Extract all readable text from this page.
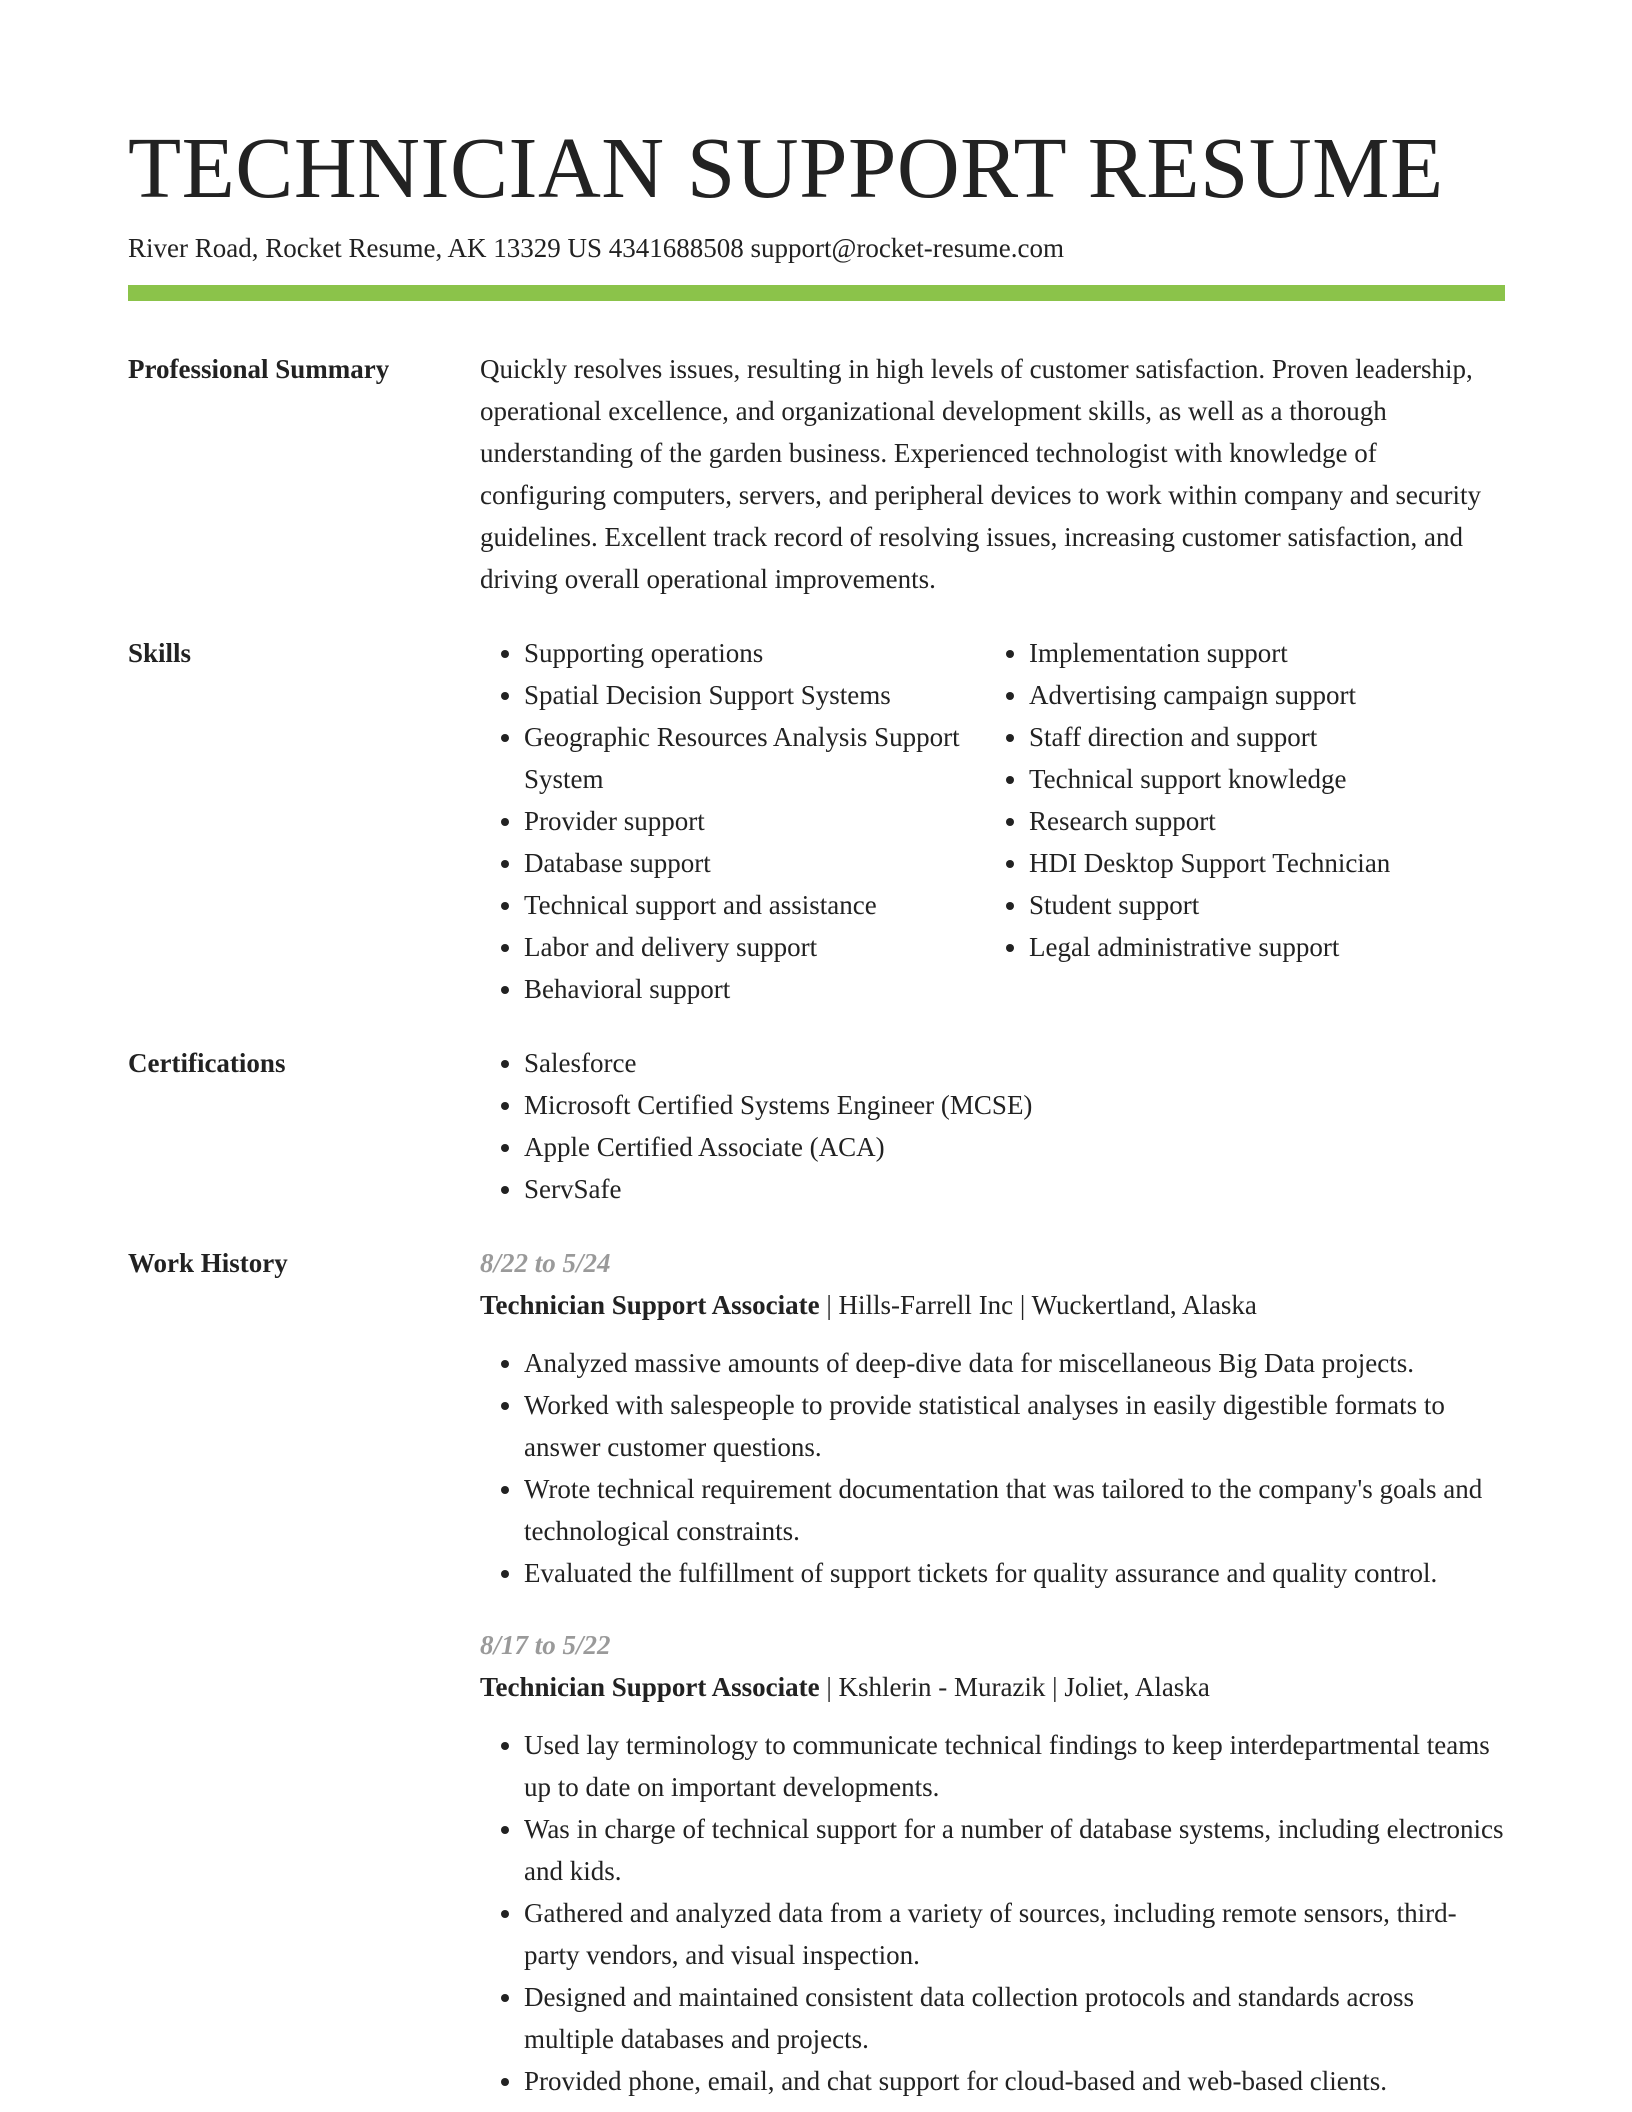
TECHNICIAN SUPPORT RESUME
River Road, Rocket Resume, AK 13329 US 4341688508 support@rocket-resume.com
Professional Summary	Quickly resolves issues, resulting in high levels of customer satisfaction. Proven leadership, operational excellence, and organizational development skills, as well as a thorough understanding of the garden business. Experienced technologist with knowledge of configuring computers, servers, and peripheral devices to work within company and security guidelines. Excellent track record of resolving issues, increasing customer satisfaction, and driving overall operational improvements.

Skills	• Supporting operations
• Spatial Decision Support Systems
• Geographic Resources Analysis Support System
• Provider support
• Database support
• Technical support and assistance
• Labor and delivery support
• Behavioral support
• Implementation support
• Advertising campaign support
• Staff direction and support
• Technical support knowledge
• Research support
• HDI Desktop Support Technician
• Student support
• Legal administrative support
Certifications	• Salesforce
• Microsoft Certified Systems Engineer (MCSE)
• Apple Certified Associate (ACA)
• ServSafe
Work History	8/22 to 5/24
Technician Support Associate | Hills-Farrell Inc | Wuckertland, Alaska
• Analyzed massive amounts of deep-dive data for miscellaneous Big Data projects.
• Worked with salespeople to provide statistical analyses in easily digestible formats to answer customer questions.
• Wrote technical requirement documentation that was tailored to the company's goals and technological constraints.
• Evaluated the fulfillment of support tickets for quality assurance and quality control.
8/17 to 5/22
Technician Support Associate | Kshlerin - Murazik | Joliet, Alaska
• Used lay terminology to communicate technical findings to keep interdepartmental teams up to date on important developments.
• Was in charge of technical support for a number of database systems, including electronics and kids.
• Gathered and analyzed data from a variety of sources, including remote sensors, third-party vendors, and visual inspection.
• Designed and maintained consistent data collection protocols and standards across multiple databases and projects.
• Provided phone, email, and chat support for cloud-based and web-based clients.
